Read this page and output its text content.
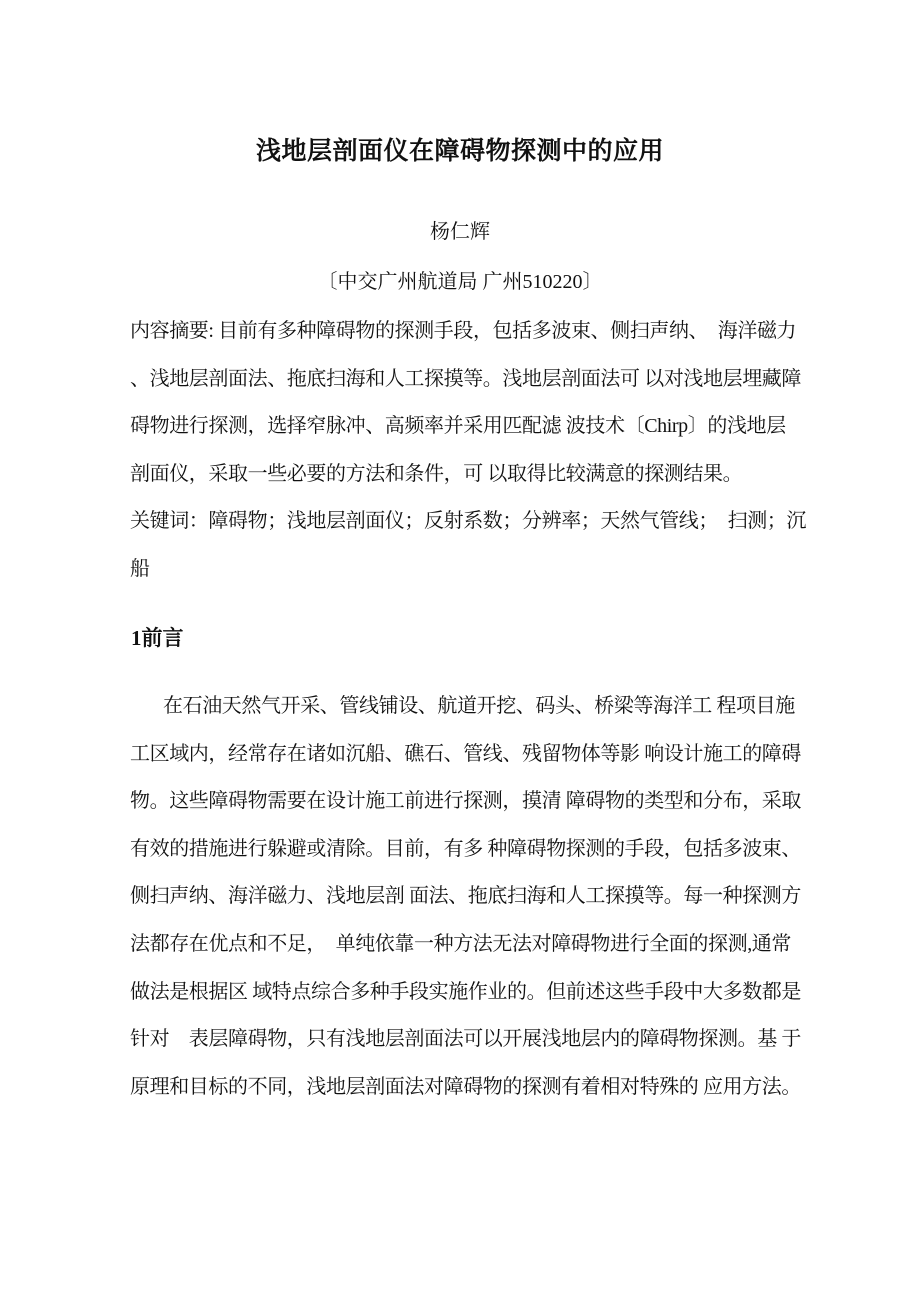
浅地层剖面仪在障碍物探测中的应用
杨仁辉
〔中交广州航道局 广州510220〕
内容摘要: 目前有多种障碍物的探测手段，包括多波束、侧扫声纳、　海洋磁力
、浅地层剖面法、拖底扫海和人工探摸等。浅地层剖面法可 以对浅地层埋藏障
碍物进行探测，选择窄脉冲、高频率并采用匹配滤 波技术〔Chirp〕的浅地层
剖面仪，采取一些必要的方法和条件，可 以取得比较满意的探测结果。
关键词：障碍物；浅地层剖面仪；反射系数；分辨率；天然气管线；　扫测；沉
船
1前言
在石油天然气开采、管线铺设、航道开挖、码头、桥梁等海洋工 程项目施
工区域内，经常存在诸如沉船、礁石、管线、残留物体等影 响设计施工的障碍
物。这些障碍物需要在设计施工前进行探测，摸清 障碍物的类型和分布，采取
有效的措施进行躲避或清除。目前，有多 种障碍物探测的手段，包括多波束、
侧扫声纳、海洋磁力、浅地层剖 面法、拖底扫海和人工探摸等。每一种探测方
法都存在优点和不足，　单纯依靠一种方法无法对障碍物进行全面的探测,通常
做法是根据区 域特点综合多种手段实施作业的。但前述这些手段中大多数都是
针对　表层障碍物，只有浅地层剖面法可以开展浅地层内的障碍物探测。基 于
原理和目标的不同，浅地层剖面法对障碍物的探测有着相对特殊的 应用方法。
